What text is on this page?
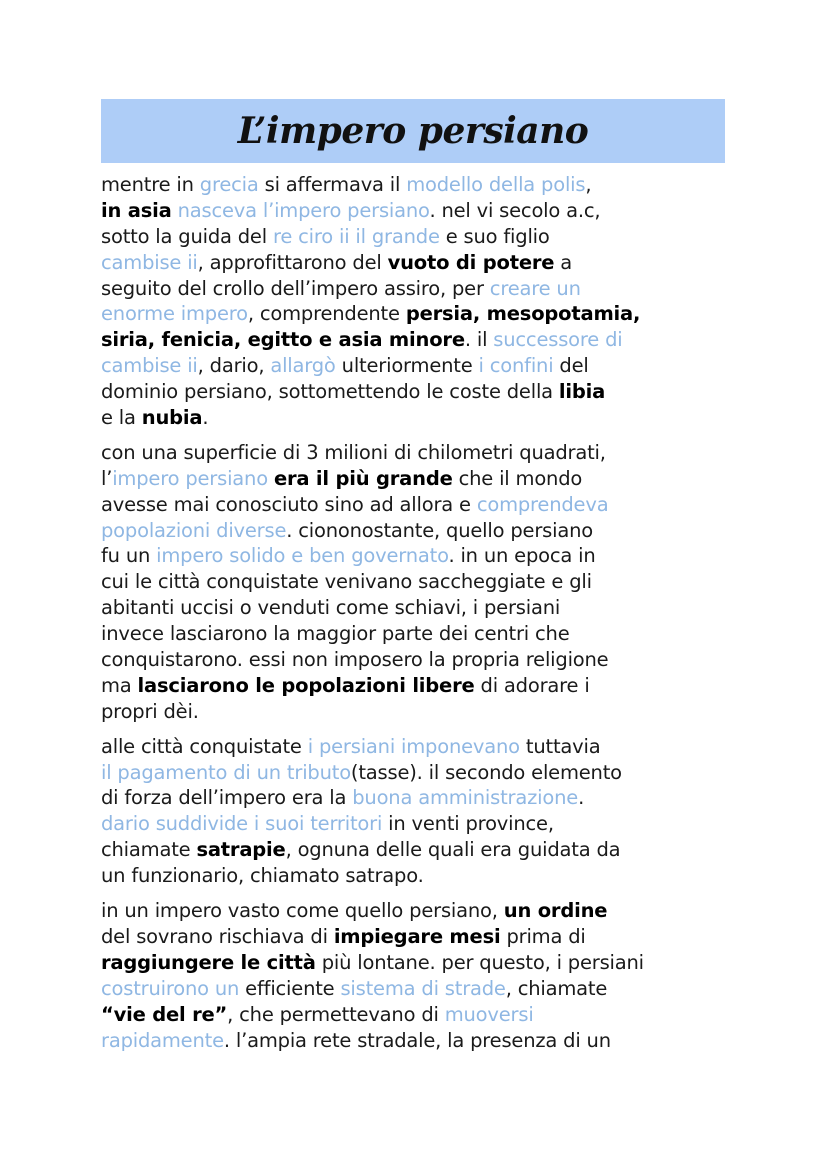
L’impero persiano
mentre in grecia si affermava il modello della polis,
in asia nasceva l’impero persiano. nel vi secolo a.c,
sotto la guida del re ciro ii il grande e suo figlio
cambise ii, approfittarono del vuoto di potere a
seguito del crollo dell’impero assiro, per creare un
enorme impero, comprendente persia, mesopotamia,
siria, fenicia, egitto e asia minore. il successore di
cambise ii, dario, allargò ulteriormente i confini del
dominio persiano, sottomettendo le coste della libia
e la nubia.
con una superficie di 3 milioni di chilometri quadrati,
l’impero persiano era il più grande che il mondo
avesse mai conosciuto sino ad allora e comprendeva
popolazioni diverse. ciononostante, quello persiano
fu un impero solido e ben governato. in un epoca in
cui le città conquistate venivano saccheggiate e gli
abitanti uccisi o venduti come schiavi, i persiani
invece lasciarono la maggior parte dei centri che
conquistarono. essi non imposero la propria religione
ma lasciarono le popolazioni libere di adorare i
propri dèi.
alle città conquistate i persiani imponevano tuttavia
il pagamento di un tributo(tasse). il secondo elemento
di forza dell’impero era la buona amministrazione.
dario suddivide i suoi territori in venti province,
chiamate satrapie, ognuna delle quali era guidata da
un funzionario, chiamato satrapo.
in un impero vasto come quello persiano, un ordine
del sovrano rischiava di impiegare mesi prima di
raggiungere le città più lontane. per questo, i persiani
costruirono un efficiente sistema di strade, chiamate
“vie del re”, che permettevano di muoversi
rapidamente. l’ampia rete stradale, la presenza di un
